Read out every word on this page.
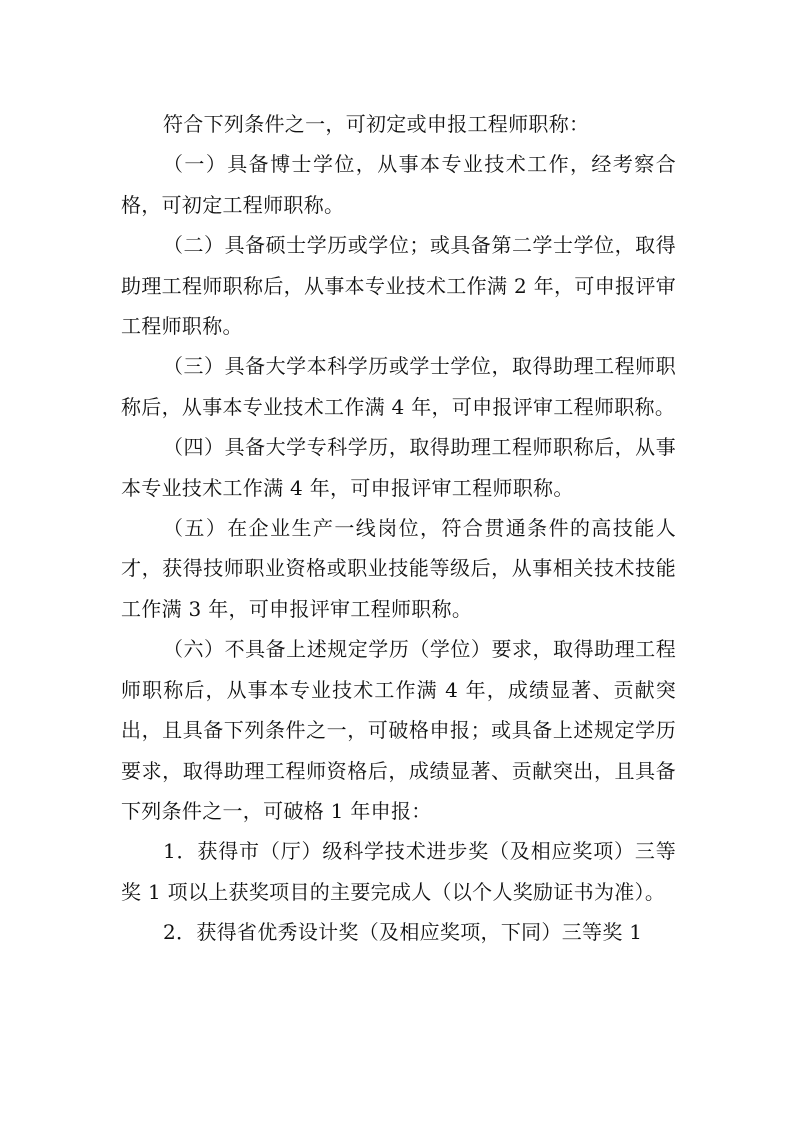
符合下列条件之一，可初定或申报工程师职称：

（一）具备博士学位，从事本专业技术工作，经考察合格，可初定工程师职称。

（二）具备硕士学历或学位；或具备第二学士学位，取得助理工程师职称后，从事本专业技术工作满 2 年，可申报评审工程师职称。

（三）具备大学本科学历或学士学位，取得助理工程师职称后，从事本专业技术工作满 4 年，可申报评审工程师职称。

（四）具备大学专科学历，取得助理工程师职称后，从事本专业技术工作满 4 年，可申报评审工程师职称。

（五）在企业生产一线岗位，符合贯通条件的高技能人才，获得技师职业资格或职业技能等级后，从事相关技术技能工作满 3 年，可申报评审工程师职称。

（六）不具备上述规定学历（学位）要求，取得助理工程师职称后，从事本专业技术工作满 4 年，成绩显著、贡献突出，且具备下列条件之一，可破格申报；或具备上述规定学历要求，取得助理工程师资格后，成绩显著、贡献突出，且具备下列条件之一，可破格 1 年申报：

1．获得市（厅）级科学技术进步奖（及相应奖项）三等奖 1 项以上获奖项目的主要完成人（以个人奖励证书为准）。

2．获得省优秀设计奖（及相应奖项，下同）三等奖 1
